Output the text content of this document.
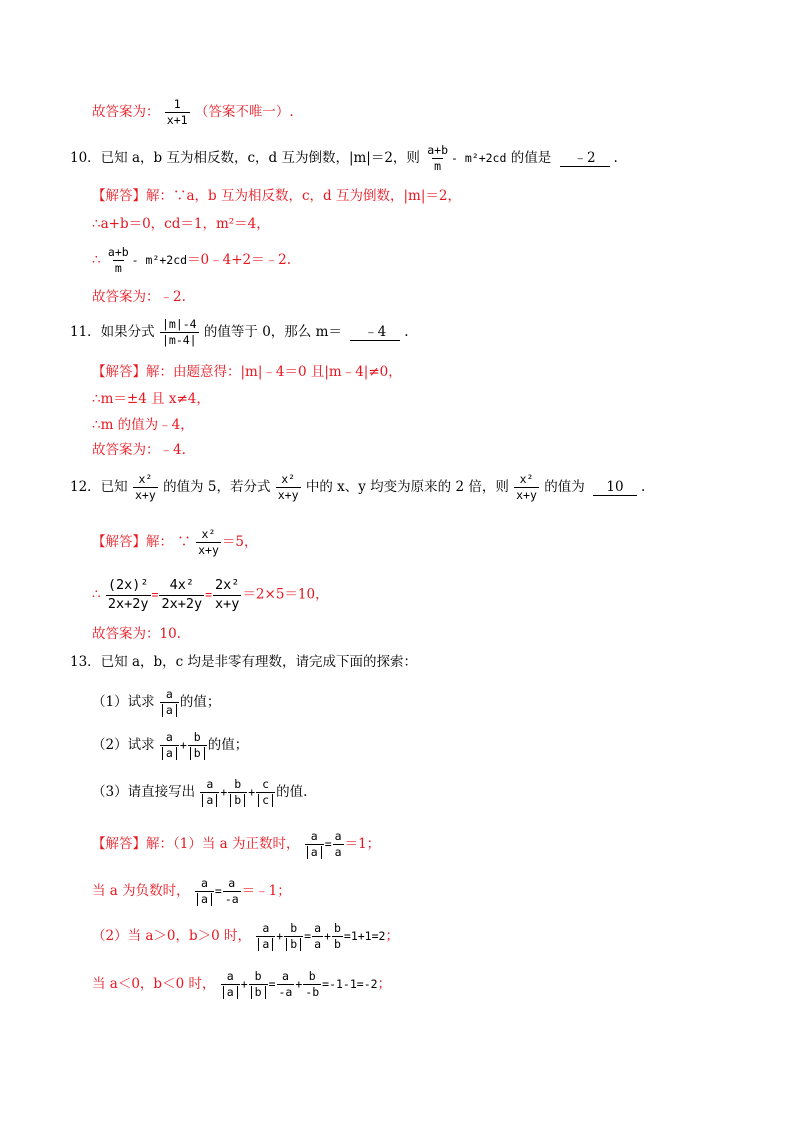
故答案为： $\frac{1}{x+1}$ （答案不唯一）.
10．已知 a，b 互为相反数，c，d 互为倒数，|m|＝2，则 $\frac{a+b}{m} - m^2+2cd$ 的值是 ﹣2 .
【解答】解：∵a，b 互为相反数，c，d 互为倒数，|m|＝2，
∴a+b＝0，cd＝1，m²＝4，
∴ $\frac{a+b}{m}$ - m²+2cd＝0﹣4+2＝﹣2.
故答案为：﹣2.
11．如果分式 $\frac{|m|-4}{|m-4|}$ 的值等于 0，那么 m＝ ﹣4 .
【解答】解：由题意得：|m|﹣4＝0 且|m﹣4|≠0，
∴m＝±4 且 x≠4，
∴m 的值为﹣4，
故答案为：﹣4.
12．已知 $\frac{\text{x²}}{x+y}$ 的值为 5，若分式 $\frac{\text{x²}}{x+y}$ 中的 x、y 均变为原来的 2 倍，则 $\frac{\text{x²}}{x+y}$ 的值为 10 .
【解答】解： ∵ $\frac{\text{x²}}{x+y} =5$，
∴ $\frac{\text{(2x)²}}{2x+2y} = \frac{\text{4x²}}{2x+2y} = \frac{\text{2x²}}{x+y} =2\times 5=10$，
故答案为：10.
13．已知 a，b，c 均是非零有理数，请完成下面的探索：
（1）试求 $\frac{a}{a}$ 的值；
（2）试求 $\frac{a}{a} + \frac{b}{b}$ 的值；
（3）请直接写出 $\frac{a}{a} + \frac{b}{b} + \frac{c}{c}$ 的值.
【解答】解：（1）当 a 为正数时， $\frac{a}{a} = \frac{a}{a} =1$；
当 a 为负数时， $\frac{a}{a} = \frac{a}{-a}$ ＝﹣1；
（2）当 a＞0，b＞0 时， $\frac{a}{a} + \frac{b}{b} = \frac{a}{a} + \frac{b}{b} =1+1=2$；
当 a＜0，b＜0 时， $\frac{a}{a} + \frac{b}{b} = \frac{a}{-a} + \frac{b}{-b} =-1-1=-2$；
